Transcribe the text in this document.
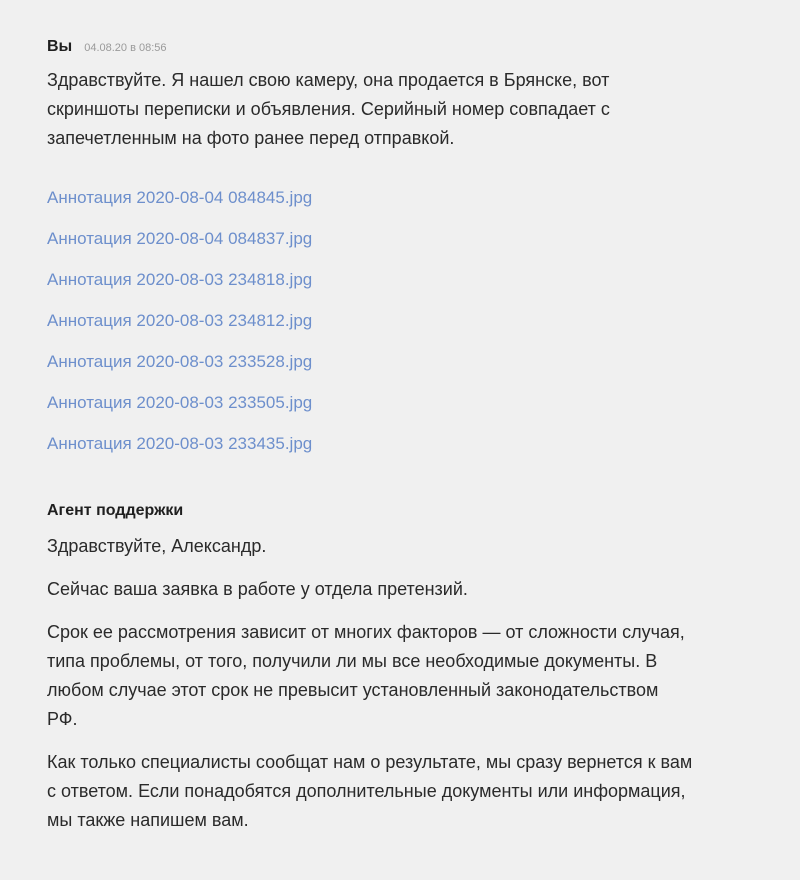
Вы 04.08.20 в 08:56

Здравствуйте. Я нашел свою камеру, она продается в Брянске, вот
скриншоты переписки и объявления. Серийный номер совпадает с
запечетленным на фото ранее перед отправкой.

Аннотация 2020-08-04 084845.jpg
Аннотация 2020-08-04 084837.jpg
Аннотация 2020-08-03 234818.jpg
Аннотация 2020-08-03 234812.jpg
Аннотация 2020-08-03 233528.jpg
Аннотация 2020-08-03 233505.jpg
Аннотация 2020-08-03 233435.jpg
Агент поддержки

Здравствуйте, Александр.

Сейчас ваша заявка в работе у отдела претензий.

Срок ее рассмотрения зависит от многих факторов — от сложности случая,
типа проблемы, от того, получили ли мы все необходимые документы. В
любом случае этот срок не превысит установленный законодательством
РФ.

Как только специалисты сообщат нам о результате, мы сразу вернется к вам
с ответом. Если понадобятся дополнительные документы или информация,
мы также напишем вам.
